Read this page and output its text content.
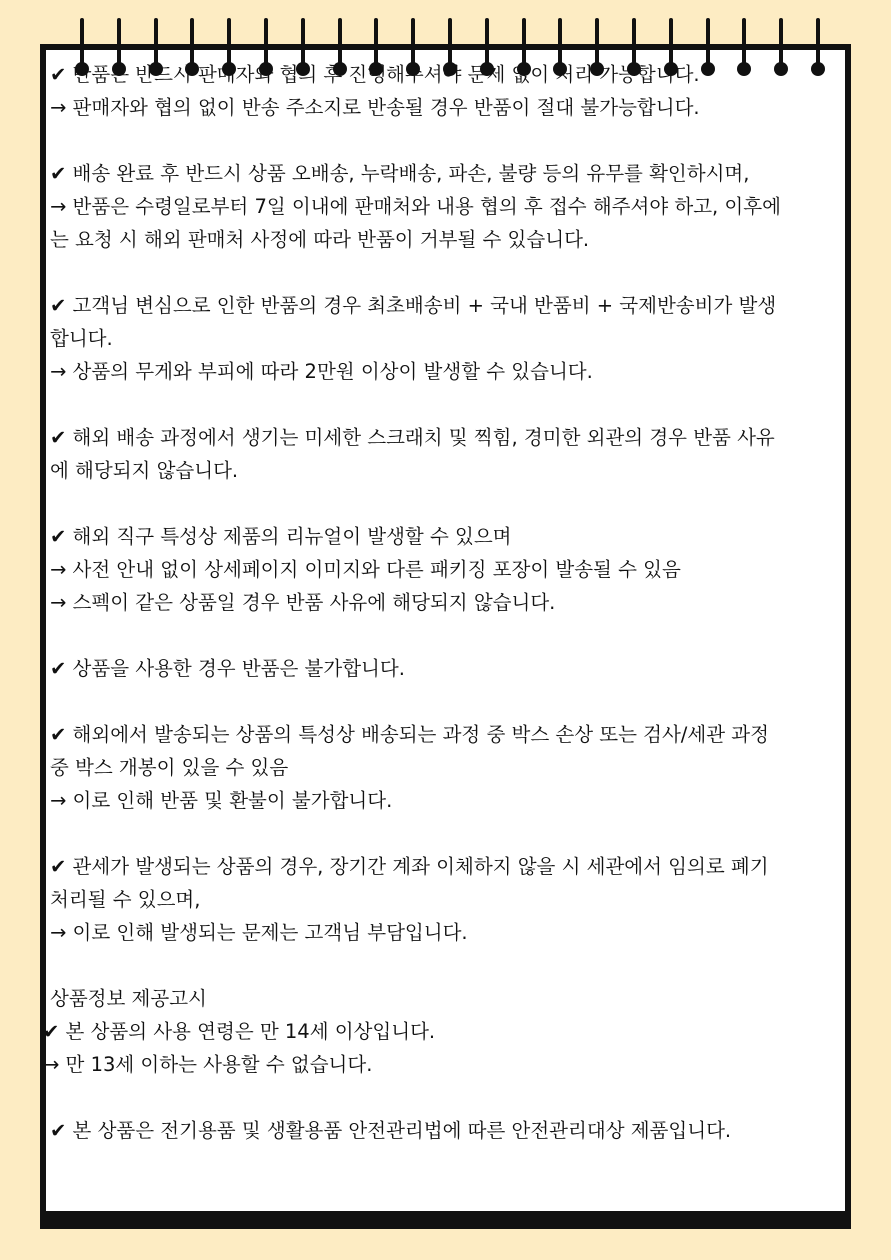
✔ 반품은 반드시 판매자와 협의 후 진행해주셔야 문제 없이 처리 가능합니다.

→ 판매자와 협의 없이 반송 주소지로 반송될 경우 반품이 절대 불가능합니다.

✔ 배송 완료 후 반드시 상품 오배송, 누락배송, 파손, 불량 등의 유무를 확인하시며,

→ 반품은 수령일로부터 7일 이내에 판매처와 내용 협의 후 접수 해주셔야 하고, 이후에는 요청 시 해외 판매처 사정에 따라 반품이 거부될 수 있습니다.

✔ 고객님 변심으로 인한 반품의 경우 최초배송비 + 국내 반품비 + 국제반송비가 발생합니다.

→ 상품의 무게와 부피에 따라 2만원 이상이 발생할 수 있습니다.

✔ 해외 배송 과정에서 생기는 미세한 스크래치 및 찍힘, 경미한 외관의 경우 반품 사유에 해당되지 않습니다.

✔ 해외 직구 특성상 제품의 리뉴얼이 발생할 수 있으며

→ 사전 안내 없이 상세페이지 이미지와 다른 패키징 포장이 발송될 수 있음

→ 스펙이 같은 상품일 경우 반품 사유에 해당되지 않습니다.

✔ 상품을 사용한 경우 반품은 불가합니다.

✔ 해외에서 발송되는 상품의 특성상 배송되는 과정 중 박스 손상 또는 검사/세관 과정 중 박스 개봉이 있을 수 있음

→ 이로 인해 반품 및 환불이 불가합니다.

✔ 관세가 발생되는 상품의 경우, 장기간 계좌 이체하지 않을 시 세관에서 임의로 폐기 처리될 수 있으며,

→ 이로 인해 발생되는 문제는 고객님 부담입니다.

상품정보 제공고시

✔ 본 상품의 사용 연령은 만 14세 이상입니다.

→ 만 13세 이하는 사용할 수 없습니다.

✔ 본 상품은 전기용품 및 생활용품 안전관리법에 따른 안전관리대상 제품입니다.
